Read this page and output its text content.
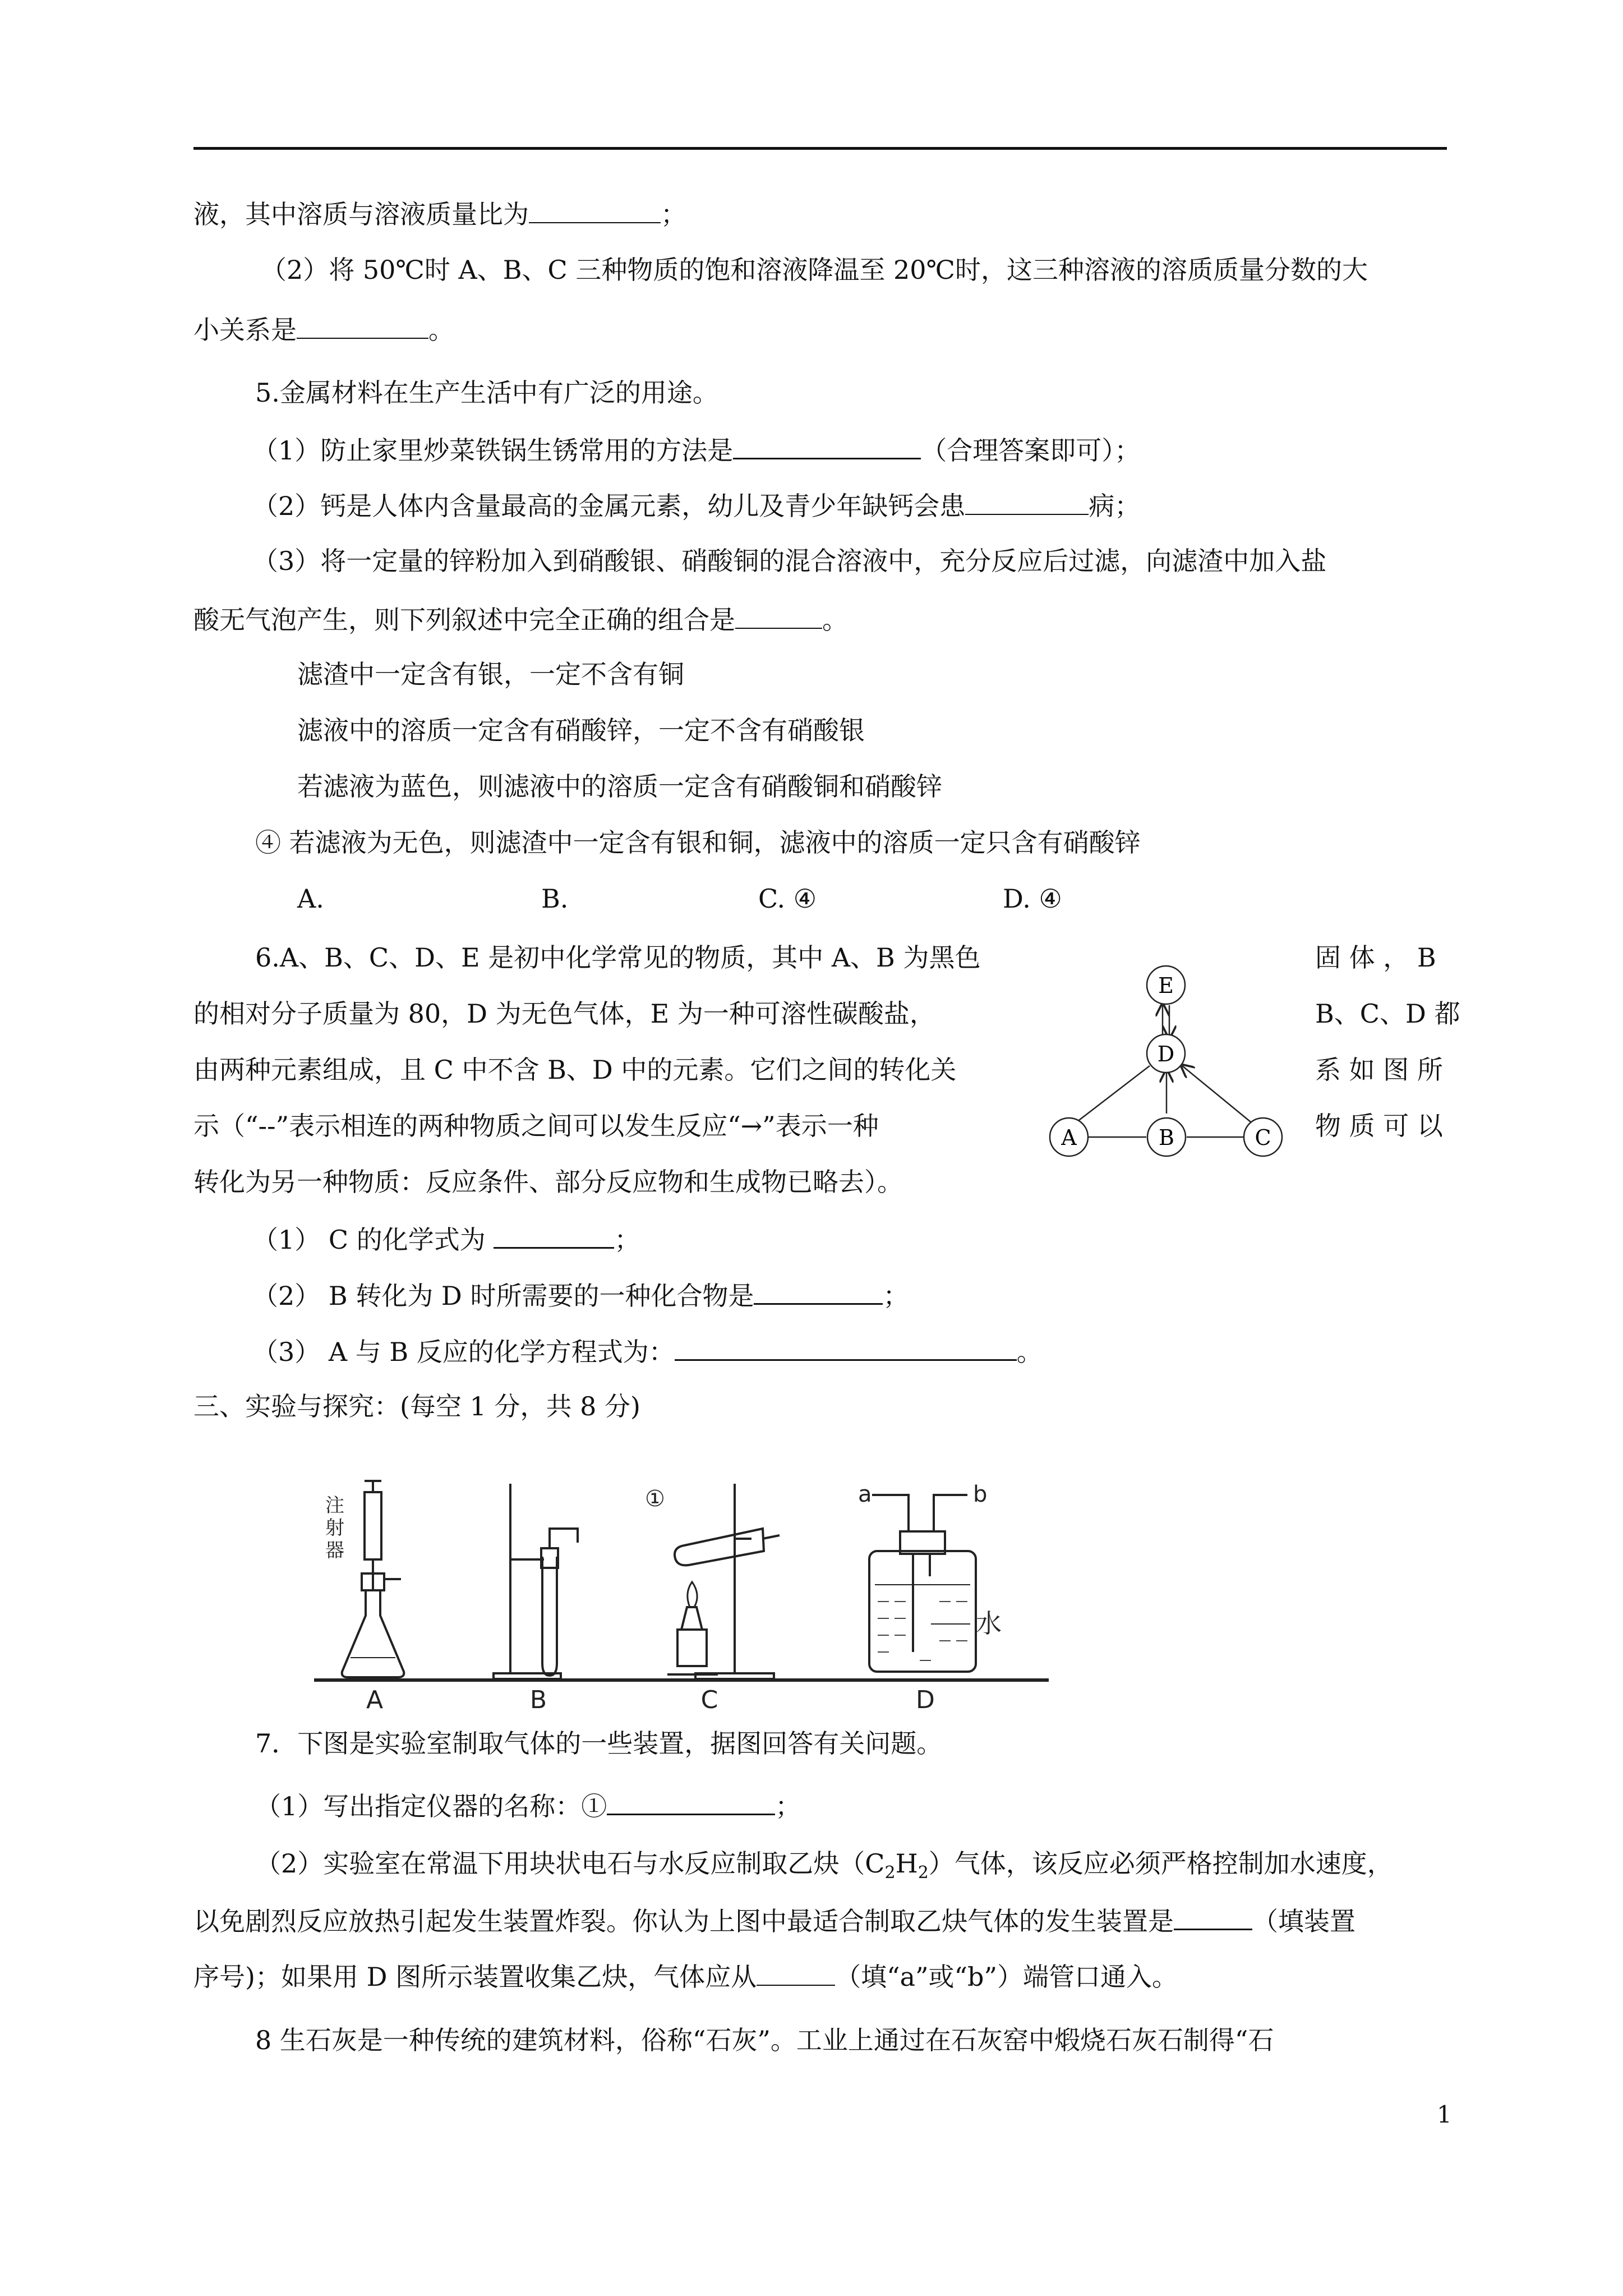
液，其中溶质与溶液质量比为	；
（2）将 50℃时 A、B、C 三种物质的饱和溶液降温至 20℃时，这三种溶液的溶质质量分数的大
小关系是	。
5.金属材料在生产生活中有广泛的用途。
（1）防止家里炒菜铁锅生锈常用的方法是	（合理答案即可）；
（2）钙是人体内含量最高的金属元素，幼儿及青少年缺钙会患	病；
（3）将一定量的锌粉加入到硝酸银、硝酸铜的混合溶液中，充分反应后过滤，向滤渣中加入盐
酸无气泡产生，则下列叙述中完全正确的组合是	。
滤渣中一定含有银，一定不含有铜
滤液中的溶质一定含有硝酸锌，一定不含有硝酸银
若滤液为蓝色，则滤液中的溶质一定含有硝酸铜和硝酸锌
④ 若滤液为无色，则滤渣中一定含有银和铜，滤液中的溶质一定只含有硝酸锌
A.	B.	C. ④	D. ④
6.A、B、C、D、E 是初中化学常见的物质，其中 A、B 为黑色
的相对分子质量为 80，D 为无色气体，E 为一种可溶性碳酸盐，
由两种元素组成，且 C 中不含 B、D 中的元素。它们之间的转化关
示（“--”表示相连的两种物质之间可以发生反应“→”表示一种
转化为另一种物质：反应条件、部分反应物和生成物已略去）。
固 体 ， B
B、C、D 都
系 如 图 所
物 质 可 以
E
D
A	B	C
（1） C 的化学式为	；
（2） B 转化为 D 时所需要的一种化合物是	；
（3） A 与 B 反应的化学方程式为：	。
三、实验与探究：(每空 1 分，共 8 分)
注
射
器
①	a	b
水
A	B	C	D
7．下图是实验室制取气体的一些装置，据图回答有关问题。
（1）写出指定仪器的名称：①	；
（2）实验室在常温下用块状电石与水反应制取乙炔$(C_2H_2)$气体，该反应必须严格控制加水速度，
以免剧烈反应放热引起发生装置炸裂。你认为上图中最适合制取乙炔气体的发生装置是	（填装置
序号)；如果用 D 图所示装置收集乙炔，气体应从	（填“a”或“b”）端管口通入。
8 生石灰是一种传统的建筑材料，俗称“石灰”。工业上通过在石灰窑中煅烧石灰石制得“石
1
